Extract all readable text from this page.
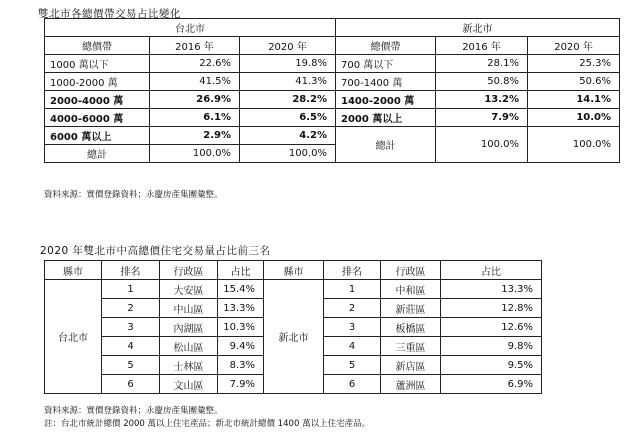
雙北市各總價帶交易占比變化
台北市			新北市		
總價帶	2016 年	2020 年	總價帶	2016 年	2020 年
1000 萬以下	22.6%	19.8%	700 萬以下	28.1%	25.3%
1000-2000 萬	41.5%	41.3%	700-1400 萬	50.8%	50.6%
2000-4000 萬	26.9%	28.2%	1400-2000 萬	13.2%	14.1%
4000-6000 萬	6.1%	6.5%	2000 萬以上	7.9%	10.0%
6000 萬以上	2.9%	4.2%	總計	100.0%	100.0%
總計	100.0%	100.0%			
資料來源：實價登錄資料；永慶房產集團彙整。
2020 年雙北市中高總價住宅交易量占比前三名
縣市	排名	行政區	占比	縣市	排名	行政區	占比
台北市	1	大安區	15.4%	新北市	1	中和區	13.3%
	2	中山區	13.3%		2	新莊區	12.8%
	3	內湖區	10.3%		3	板橋區	12.6%
	4	松山區	9.4%		4	三重區	9.8%
	5	士林區	8.3%		5	新店區	9.5%
	6	文山區	7.9%		6	蘆洲區	6.9%
資料來源：實價登錄資料；永慶房產集團彙整。
註：台北市統計總價 2000 萬以上住宅產品；新北市統計總價 1400 萬以上住宅產品。
